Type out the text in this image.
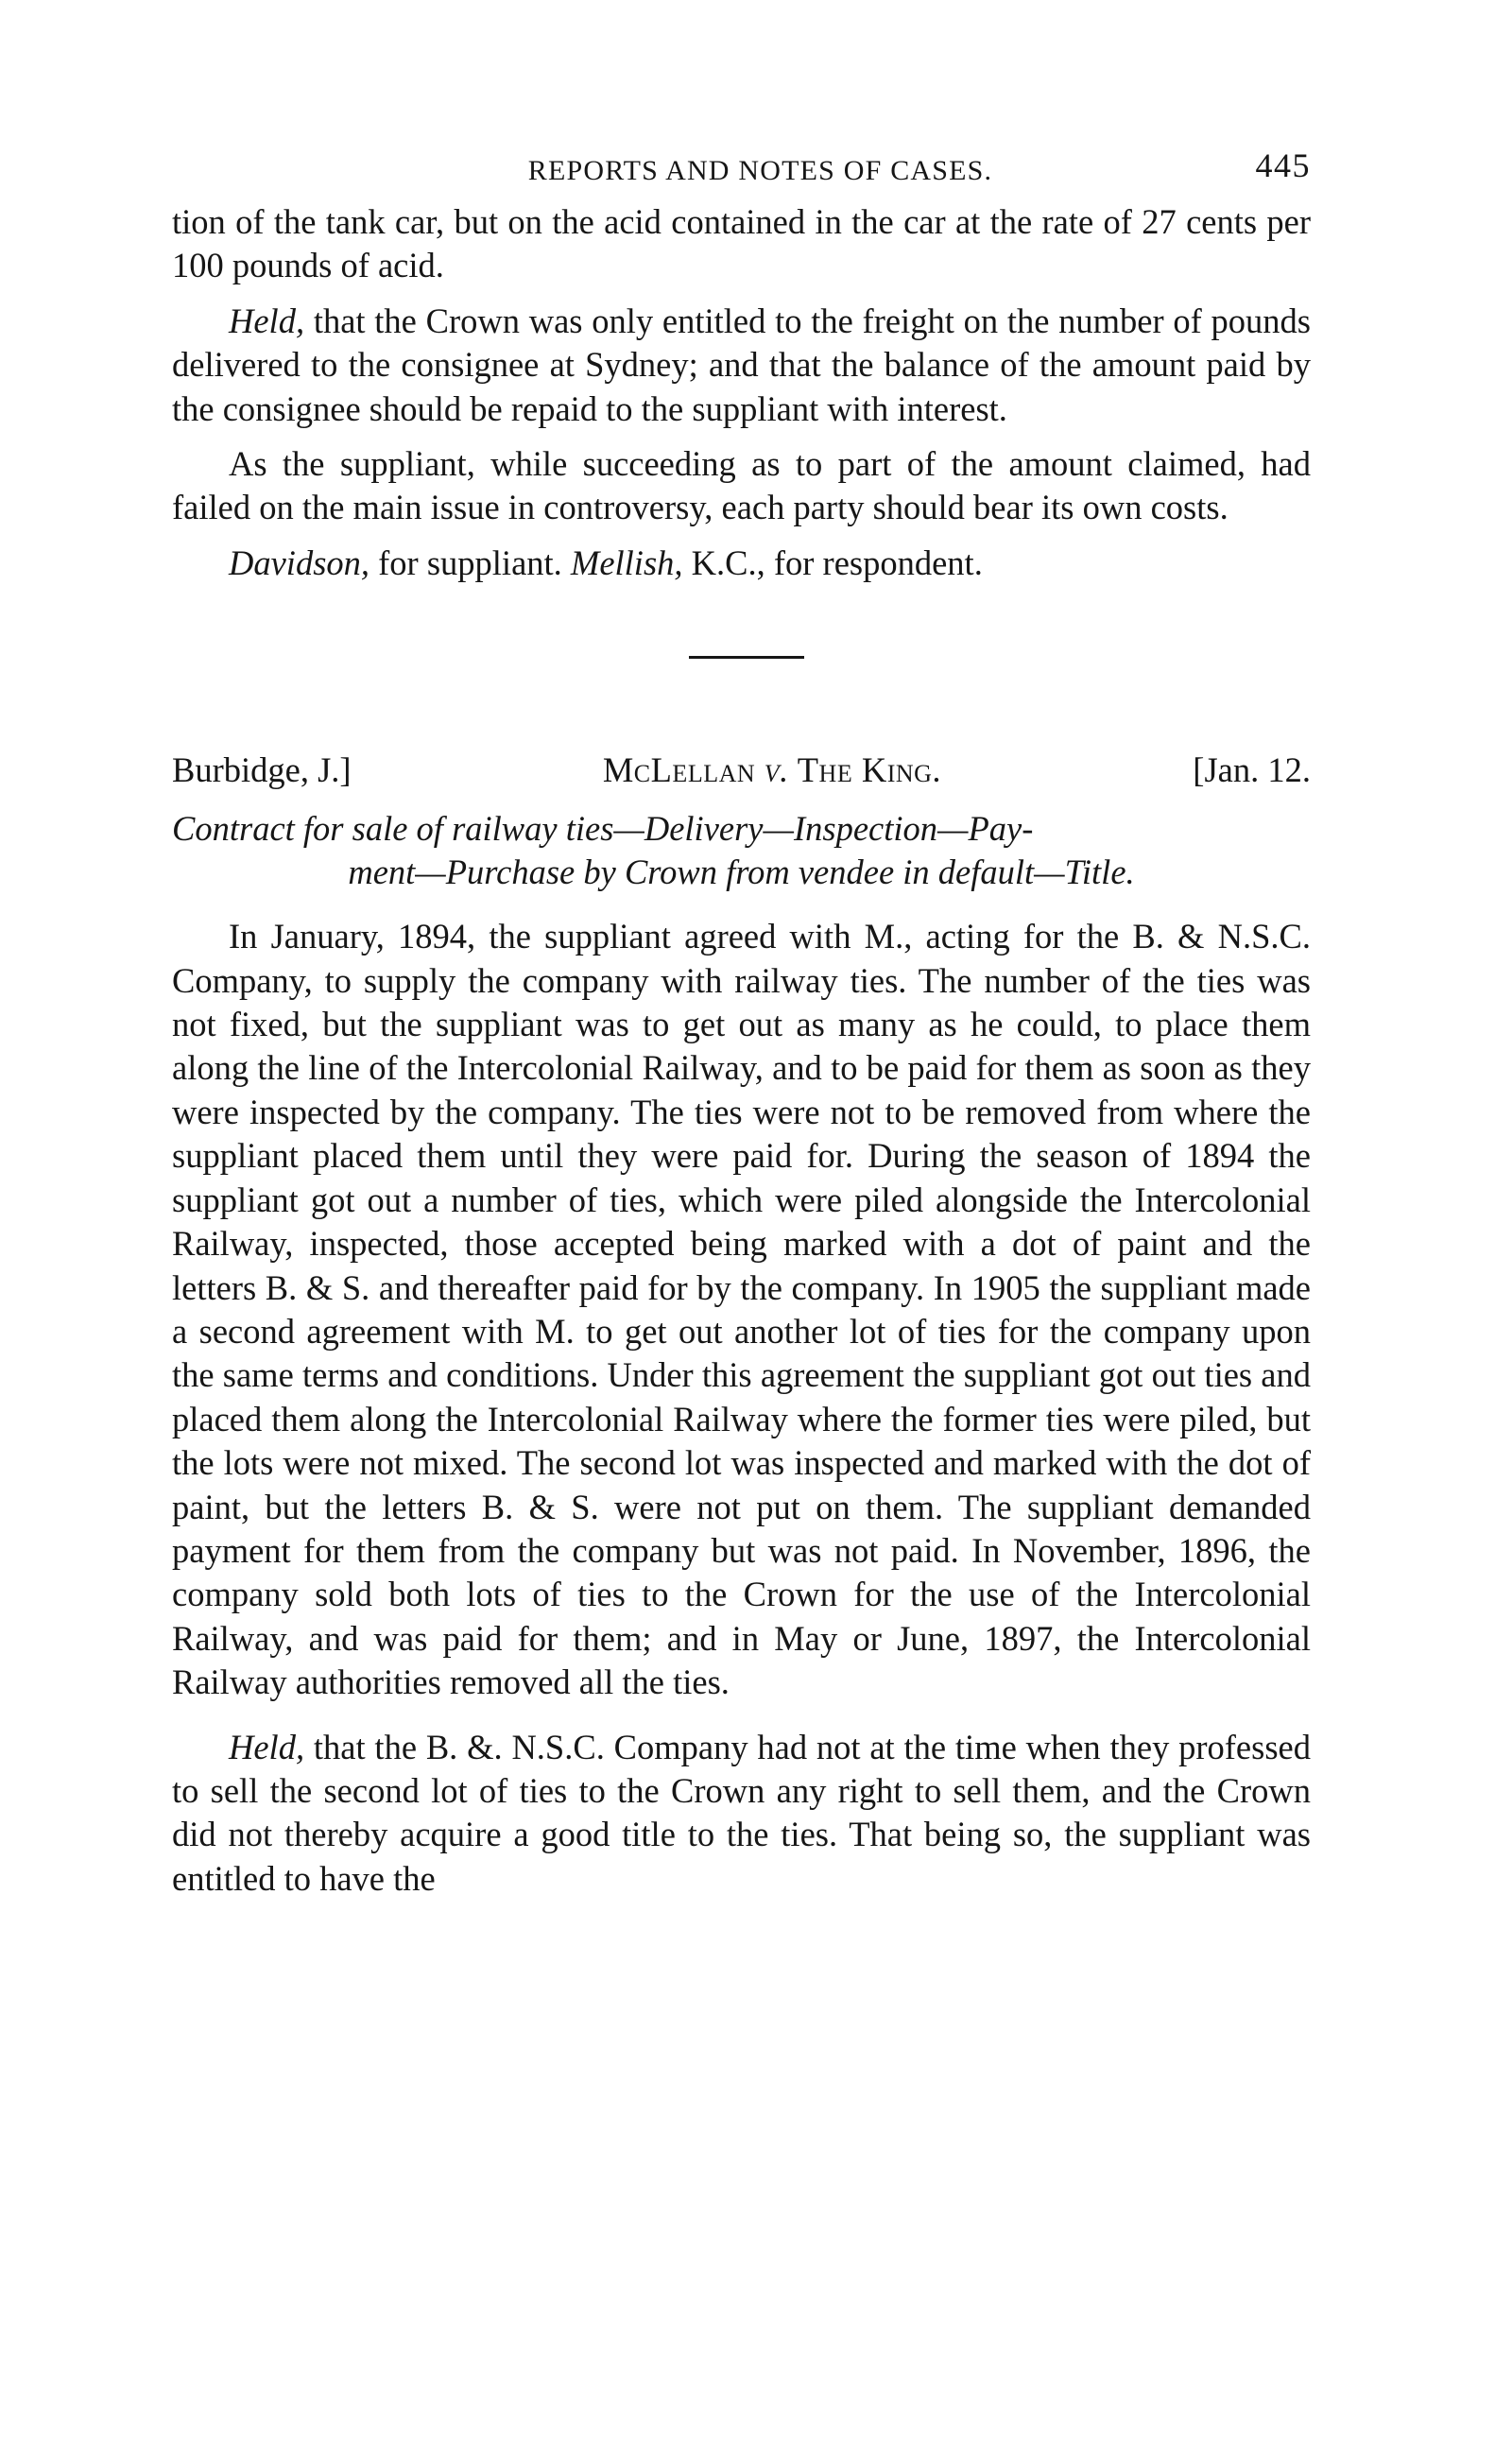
REPORTS AND NOTES OF CASES.	445

tion of the tank car, but on the acid contained in the car at the rate of 27 cents per 100 pounds of acid.

Held, that the Crown was only entitled to the freight on the number of pounds delivered to the consignee at Sydney; and that the balance of the amount paid by the consignee should be repaid to the suppliant with interest.

As the suppliant, while succeeding as to part of the amount claimed, had failed on the main issue in controversy, each party should bear its own costs.

Davidson, for suppliant. Mellish, K.C., for respondent.

Burbidge, J.]	McLellan v. The King.	[Jan. 12.
Contract for sale of railway ties—Delivery—Inspection—Pay-
ment—Purchase by Crown from vendee in default—Title.

In January, 1894, the suppliant agreed with M., acting for the B. & N.S.C. Company, to supply the company with railway ties. The number of the ties was not fixed, but the suppliant was to get out as many as he could, to place them along the line of the Intercolonial Railway, and to be paid for them as soon as they were inspected by the company. The ties were not to be removed from where the suppliant placed them until they were paid for. During the season of 1894 the suppliant got out a number of ties, which were piled alongside the Intercolonial Railway, inspected, those accepted being marked with a dot of paint and the letters B. & S. and thereafter paid for by the company. In 1905 the suppliant made a second agreement with M. to get out another lot of ties for the company upon the same terms and conditions. Under this agreement the suppliant got out ties and placed them along the Intercolonial Railway where the former ties were piled, but the lots were not mixed. The second lot was inspected and marked with the dot of paint, but the letters B. & S. were not put on them. The suppliant demanded payment for them from the company but was not paid. In November, 1896, the company sold both lots of ties to the Crown for the use of the Intercolonial Railway, and was paid for them; and in May or June, 1897, the Intercolonial Railway authorities removed all the ties.

Held, that the B. &. N.S.C. Company had not at the time when they professed to sell the second lot of ties to the Crown any right to sell them, and the Crown did not thereby acquire a good title to the ties. That being so, the suppliant was entitled to have the
